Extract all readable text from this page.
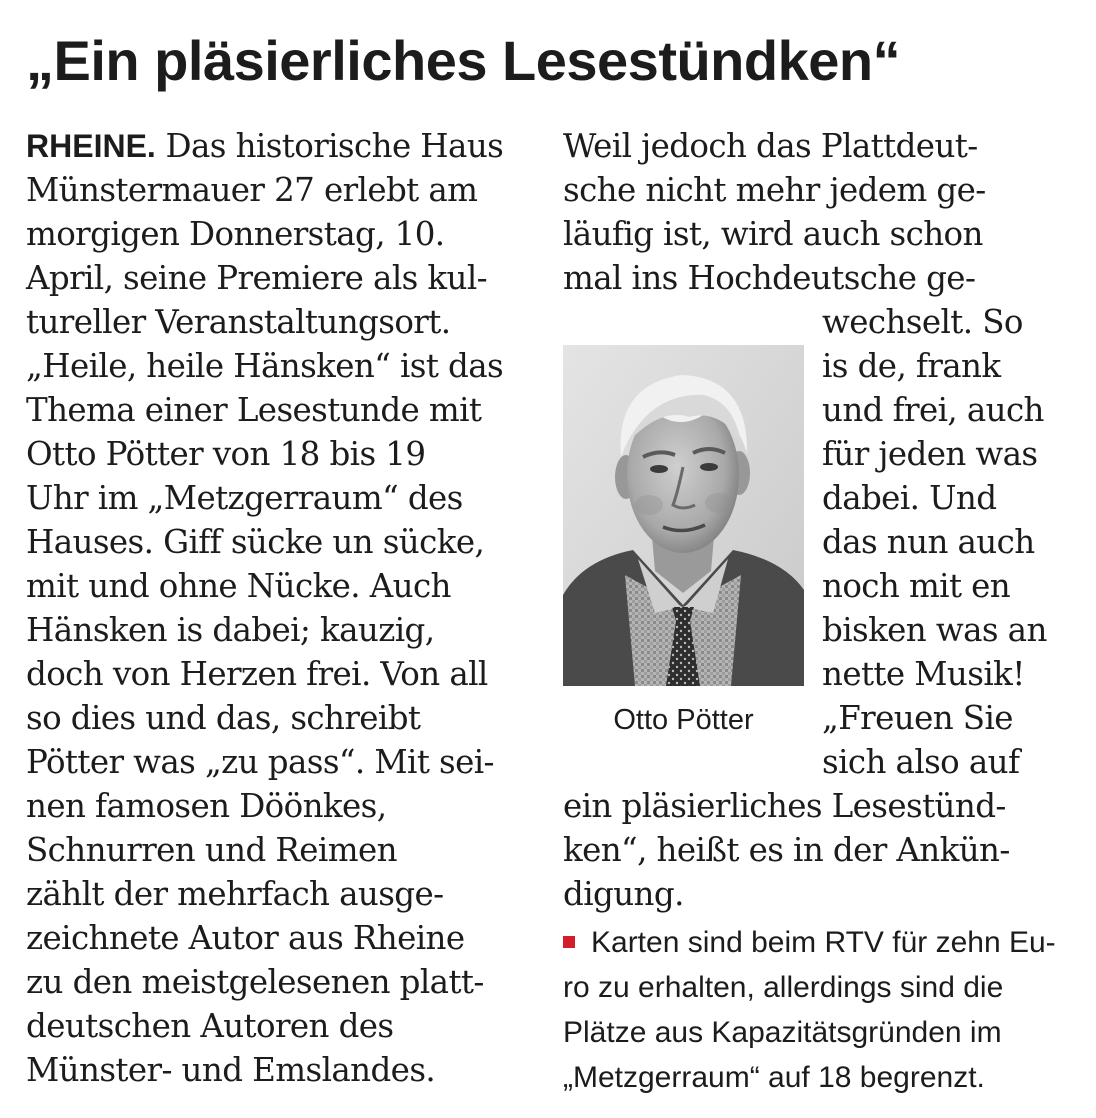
„Ein pläsierliches Lesestündken“
RHEINE. Das historische Haus
Münstermauer 27 erlebt am
morgigen Donnerstag, 10.
April, seine Premiere als kul-
tureller Veranstaltungsort.
„Heile, heile Hänsken“ ist das
Thema einer Lesestunde mit
Otto Pötter von 18 bis 19
Uhr im „Metzgerraum“ des
Hauses. Giff sücke un sücke,
mit und ohne Nücke. Auch
Hänsken is dabei; kauzig,
doch von Herzen frei. Von all
so dies und das, schreibt
Pötter was „zu pass“. Mit sei-
nen famosen Döönkes,
Schnurren und Reimen
zählt der mehrfach ausge-
zeichnete Autor aus Rheine
zu den meistgelesenen platt-
deutschen Autoren des
Münster- und Emslandes.
Weil jedoch das Plattdeut-
sche nicht mehr jedem ge-
läufig ist, wird auch schon
mal ins Hochdeutsche ge-
wechselt. So
is de, frank
und frei, auch
für jeden was
dabei. Und
das nun auch
noch mit en
bisken was an
nette Musik!
„Freuen Sie
sich also auf
ein pläsierliches Lesestünd-
ken“, heißt es in der Ankün-
digung.
Otto Pötter
Karten sind beim RTV für zehn Eu-
ro zu erhalten, allerdings sind die
Plätze aus Kapazitätsgründen im
„Metzgerraum“ auf 18 begrenzt.
